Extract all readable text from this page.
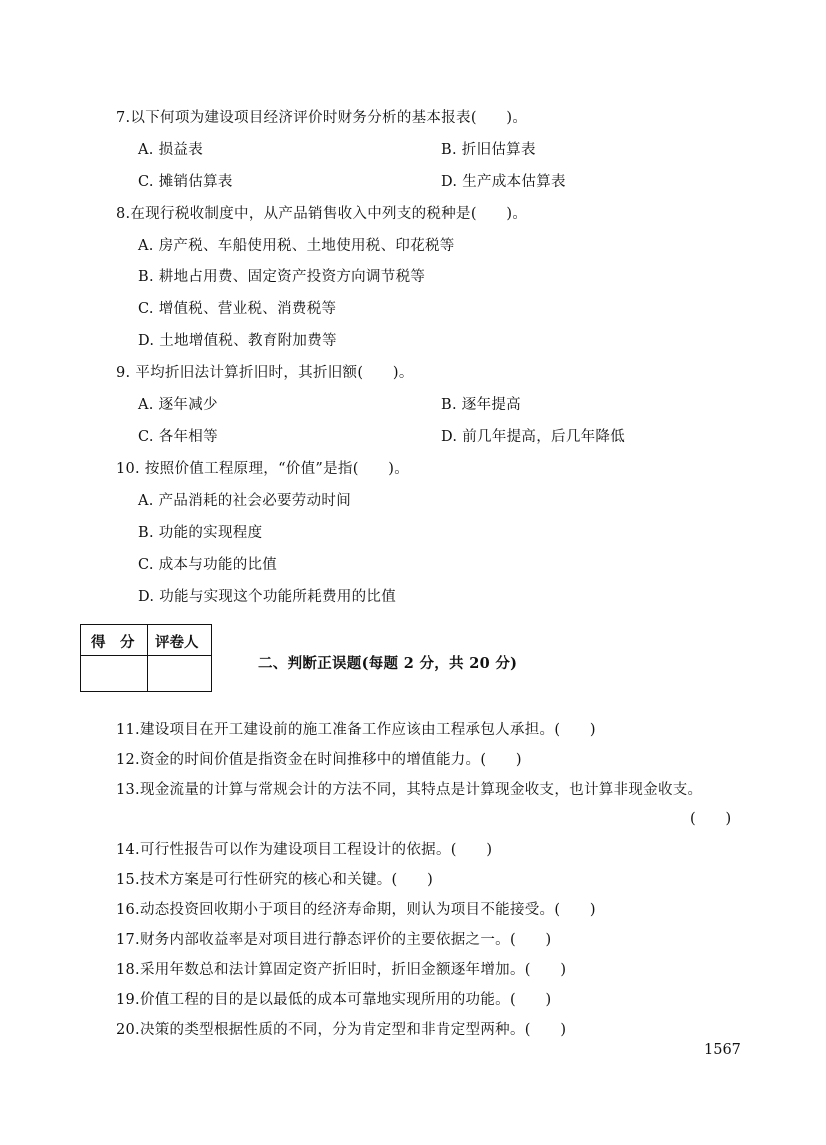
7.以下何项为建设项目经济评价时财务分析的基本报表(　　)。
A. 损益表	B. 折旧估算表
C. 摊销估算表	D. 生产成本估算表
8.在现行税收制度中，从产品销售收入中列支的税种是(　　)。
A. 房产税、车船使用税、土地使用税、印花税等
B. 耕地占用费、固定资产投资方向调节税等
C. 增值税、营业税、消费税等
D. 土地增值税、教育附加费等
9. 平均折旧法计算折旧时，其折旧额(　　)。
A. 逐年减少	B. 逐年提高
C. 各年相等	D. 前几年提高，后几年降低
10. 按照价值工程原理，“价值”是指(　　)。
A. 产品消耗的社会必要劳动时间
B. 功能的实现程度
C. 成本与功能的比值
D. 功能与实现这个功能所耗费用的比值
得　分 评卷人
二、判断正误题(每题 2 分，共 20 分)
11.建设项目在开工建设前的施工准备工作应该由工程承包人承担。(　　)
12.资金的时间价值是指资金在时间推移中的增值能力。(　　)
13.现金流量的计算与常规会计的方法不同，其特点是计算现金收支，也计算非现金收支。
(　　)
14.可行性报告可以作为建设项目工程设计的依据。(　　)
15.技术方案是可行性研究的核心和关键。(　　)
16.动态投资回收期小于项目的经济寿命期，则认为项目不能接受。(　　)
17.财务内部收益率是对项目进行静态评价的主要依据之一。(　　)
18.采用年数总和法计算固定资产折旧时，折旧金额逐年增加。(　　)
19.价值工程的目的是以最低的成本可靠地实现所用的功能。(　　)
20.决策的类型根据性质的不同，分为肯定型和非肯定型两种。(　　)
1567
